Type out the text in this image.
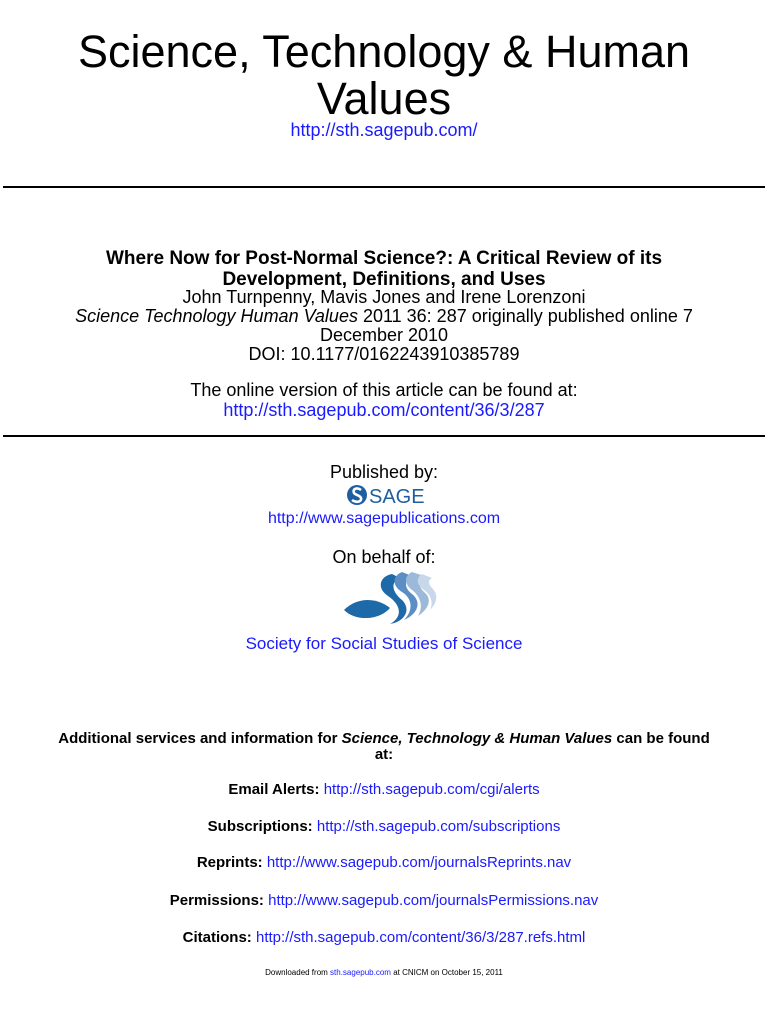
Science, Technology & Human
Values
http://sth.sagepub.com/
Where Now for Post-Normal Science?: A Critical Review of its
Development, Definitions, and Uses
John Turnpenny, Mavis Jones and Irene Lorenzoni
Science Technology Human Values 2011 36: 287 originally published online 7
December 2010
DOI: 10.1177/0162243910385789
The online version of this article can be found at:
http://sth.sagepub.com/content/36/3/287
Published by:
SAGE
http://www.sagepublications.com
On behalf of:
Society for Social Studies of Science
Additional services and information for Science, Technology & Human Values can be found
at:
Email Alerts: http://sth.sagepub.com/cgi/alerts
Subscriptions: http://sth.sagepub.com/subscriptions
Reprints: http://www.sagepub.com/journalsReprints.nav
Permissions: http://www.sagepub.com/journalsPermissions.nav
Citations: http://sth.sagepub.com/content/36/3/287.refs.html
Downloaded from sth.sagepub.com at CNICM on October 15, 2011
